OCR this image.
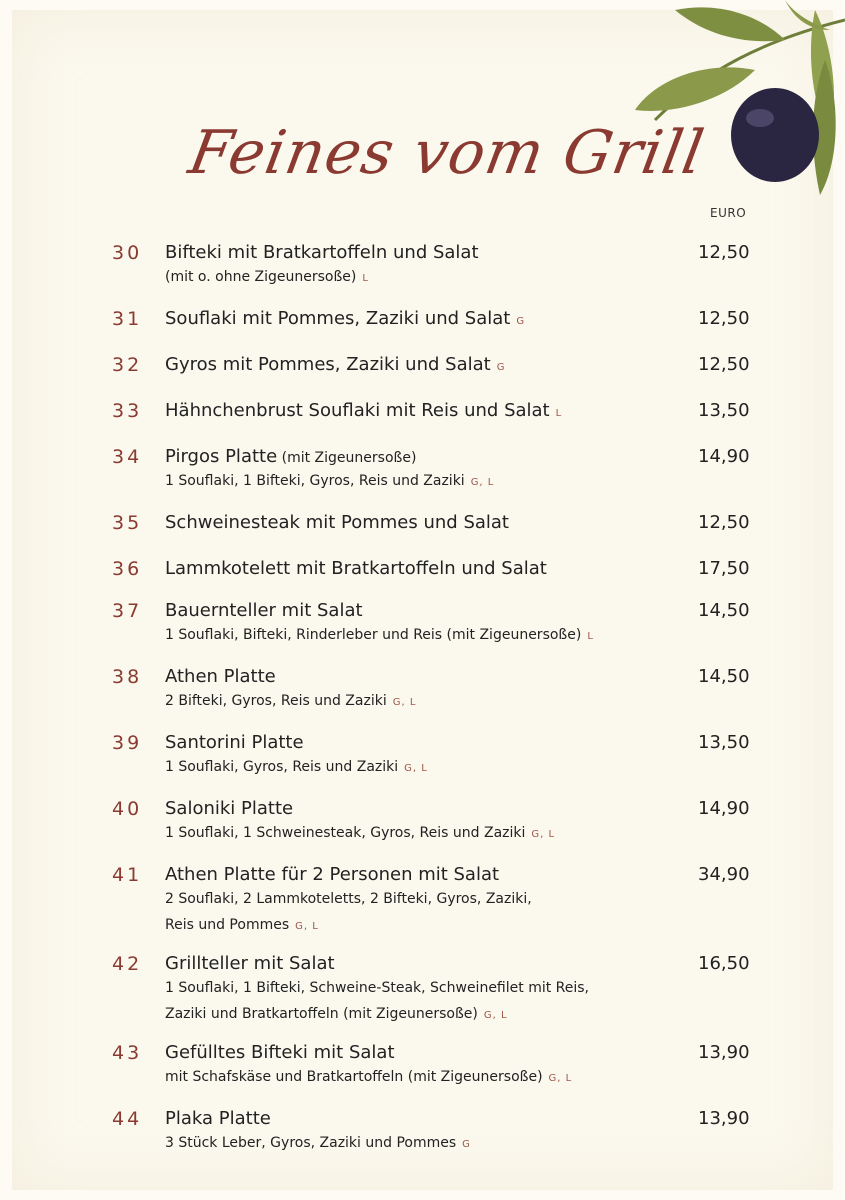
Feines vom Grill
EURO
30 Bifteki mit Bratkartoffeln und Salat
(mit o. ohne Zigeunersoße) L
12,50
31 Souflaki mit Pommes, Zaziki und Salat G	12,50
32 Gyros mit Pommes, Zaziki und Salat G	12,50
33 Hähnchenbrust Souflaki mit Reis und Salat L	13,50
34 Pirgos Platte (mit Zigeunersoße)
1 Souflaki, 1 Bifteki, Gyros, Reis und Zaziki G, L
14,90
35 Schweinesteak mit Pommes und Salat	12,50
36 Lammkotelett mit Bratkartoffeln und Salat	17,50
37 Bauernteller mit Salat
1 Souflaki, Bifteki, Rinderleber und Reis (mit Zigeunersoße) L
14,50
38 Athen Platte
2 Bifteki, Gyros, Reis und Zaziki G, L
14,50
39 Santorini Platte
1 Souflaki, Gyros, Reis und Zaziki G, L
13,50
40 Saloniki Platte
1 Souflaki, 1 Schweinesteak, Gyros, Reis und Zaziki G, L
14,90
41 Athen Platte für 2 Personen mit Salat
2 Souflaki, 2 Lammkoteletts, 2 Bifteki, Gyros, Zaziki,
Reis und Pommes G, L
34,90
42 Grillteller mit Salat
1 Souflaki, 1 Bifteki, Schweine-Steak, Schweinefilet mit Reis,
Zaziki und Bratkartoffeln (mit Zigeunersoße) G, L
16,50
43 Gefülltes Bifteki mit Salat
mit Schafskäse und Bratkartoffeln (mit Zigeunersoße) G, L
13,90
44 Plaka Platte
3 Stück Leber, Gyros, Zaziki und Pommes G
13,90
